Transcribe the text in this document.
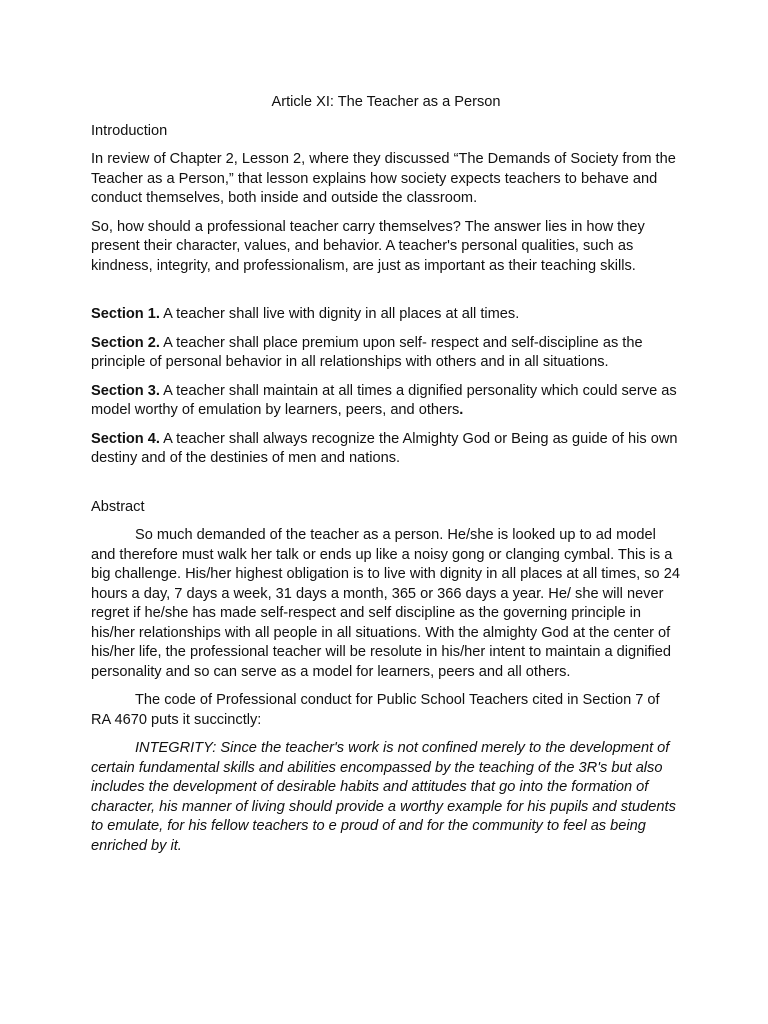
Article XI: The Teacher as a Person
Introduction

In review of Chapter 2, Lesson 2, where they discussed “The Demands of Society from the Teacher as a Person,” that lesson explains how society expects teachers to behave and conduct themselves, both inside and outside the classroom.

So, how should a professional teacher carry themselves? The answer lies in how they present their character, values, and behavior. A teacher's personal qualities, such as kindness, integrity, and professionalism, are just as important as their teaching skills.

Section 1. A teacher shall live with dignity in all places at all times.

Section 2. A teacher shall place premium upon self- respect and self-discipline as the principle of personal behavior in all relationships with others and in all situations.

Section 3. A teacher shall maintain at all times a dignified personality which could serve as model worthy of emulation by learners, peers, and others.

Section 4. A teacher shall always recognize the Almighty God or Being as guide of his own destiny and of the destinies of men and nations.

Abstract

So much demanded of the teacher as a person. He/she is looked up to ad model and therefore must walk her talk or ends up like a noisy gong or clanging cymbal. This is a big challenge. His/her highest obligation is to live with dignity in all places at all times, so 24 hours a day, 7 days a week, 31 days a month, 365 or 366 days a year. He/ she will never regret if he/she has made self-respect and self discipline as the governing principle in his/her relationships with all people in all situations. With the almighty God at the center of his/her life, the professional teacher will be resolute in his/her intent to maintain a dignified personality and so can serve as a model for learners, peers and all others.

The code of Professional conduct for Public School Teachers cited in Section 7 of RA 4670 puts it succinctly:

INTEGRITY: Since the teacher's work is not confined merely to the development of certain fundamental skills and abilities encompassed by the teaching of the 3R's but also includes the development of desirable habits and attitudes that go into the formation of character, his manner of living should provide a worthy example for his pupils and students to emulate, for his fellow teachers to e proud of and for the community to feel as being enriched by it.
